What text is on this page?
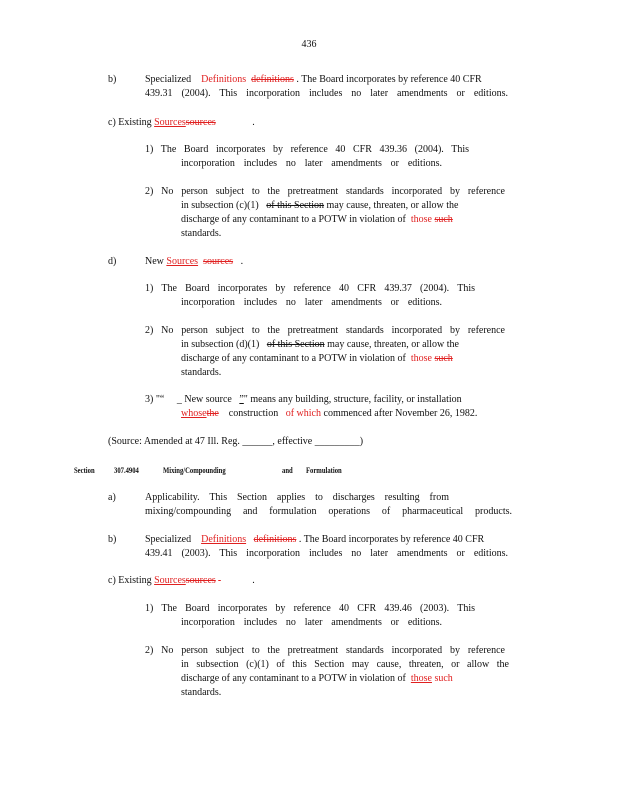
436
b)	Specialized Definitions definitions . The Board incorporates by reference 40 CFR
439.31 (2004). This incorporation includes no later amendments or editions.
c) Existing Sourcessources	.
1) The Board incorporates by reference 40 CFR 439.36 (2004). This
incorporation includes no later amendments or editions.
2) No person subject to the pretreatment standards incorporated by reference
in subsection (c)(1) of this Section may cause, threaten, or allow the
discharge of any contaminant to a POTW in violation of those such
standards.
d)	New Sources sources .
1) The Board incorporates by reference 40 CFR 439.37 (2004). This
incorporation includes no later amendments or editions.
2) No person subject to the pretreatment standards incorporated by reference
in subsection (d)(1) of this Section may cause, threaten, or allow the
discharge of any contaminant to a POTW in violation of those such
standards.
3) "“ _ New source ”" means any building, structure, facility, or installation
whosethe construction of which commenced after November 26, 1982.
(Source: Amended at 47 Ill. Reg. ______, effective _________)
Section 307.4904	Mixing/Compounding	and Formulation
a)	Applicability. This Section applies to discharges resulting from
mixing/compounding and formulation operations of pharmaceutical products.
b)	Specialized Definitions definitions . The Board incorporates by reference 40 CFR
439.41 (2003). This incorporation includes no later amendments or editions.
c) Existing Sourcessources	.
1) The Board incorporates by reference 40 CFR 439.46 (2003). This
incorporation includes no later amendments or editions.
2) No person subject to the pretreatment standards incorporated by reference
in subsection (c)(1) of this Section may cause, threaten, or allow the
discharge of any contaminant to a POTW in violation of those such
standards.
